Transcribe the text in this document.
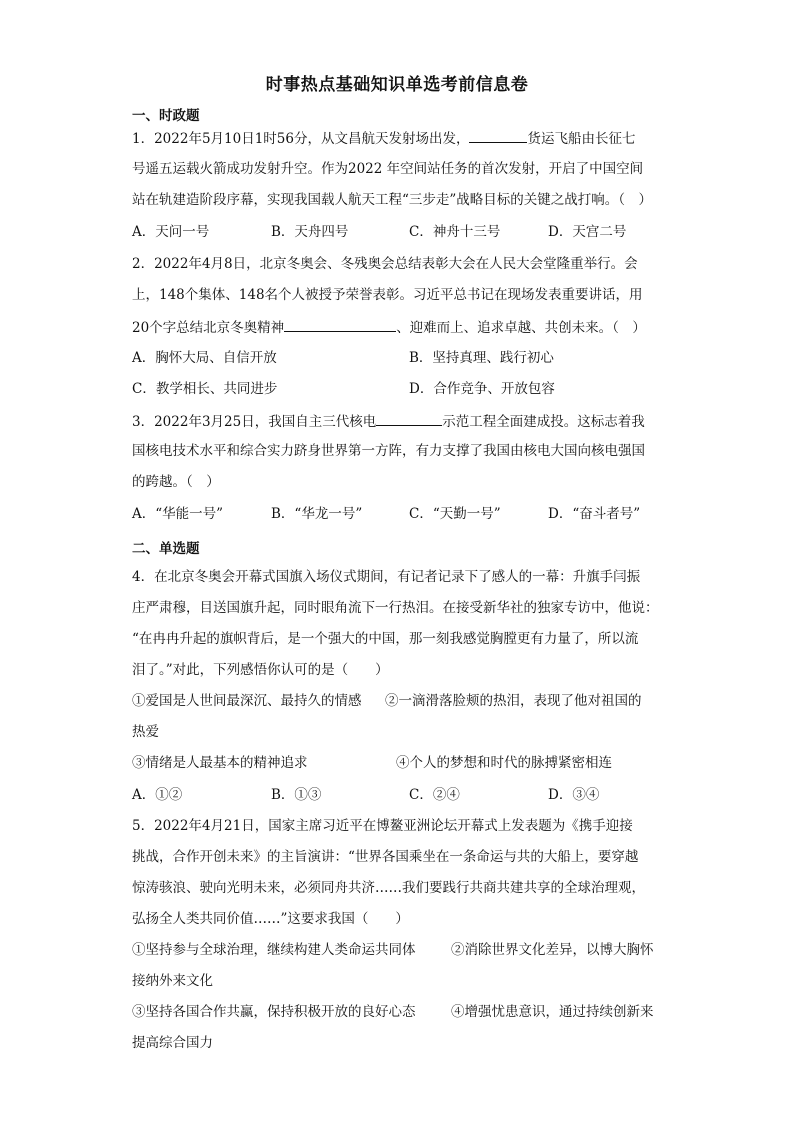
时事热点基础知识单选考前信息卷
一、时政题
1．2022年5月10日1时56分，从文昌航天发射场出发，	货运飞船由长征七
号遥五运载火箭成功发射升空。作为2022 年空间站任务的首次发射，开启了中国空间
站在轨建造阶段序幕，实现我国载人航天工程“三步走”战略目标的关键之战打响。（　）
A．天问一号	B．天舟四号	C．神舟十三号	D．天宫二号
2．2022年4月8日，北京冬奥会、冬残奥会总结表彰大会在人民大会堂隆重举行。会
上，148个集体、148名个人被授予荣誉表彰。习近平总书记在现场发表重要讲话，用
20个字总结北京冬奥精神	、迎难而上、追求卓越、共创未来。（　）
A．胸怀大局、自信开放	B．坚持真理、践行初心
C．教学相长、共同进步	D．合作竞争、开放包容
3．2022年3月25日，我国自主三代核电	示范工程全面建成投。这标志着我
国核电技术水平和综合实力跻身世界第一方阵，有力支撑了我国由核电大国向核电强国
的跨越。（　）
A．“华能一号”	B．“华龙一号”	C．“天勤一号”	D．“奋斗者号”
二、单选题
4．在北京冬奥会开幕式国旗入场仪式期间，有记者记录下了感人的一幕：升旗手闫振
庄严肃穆，目送国旗升起，同时眼角流下一行热泪。在接受新华社的独家专访中，他说：
“在冉冉升起的旗帜背后，是一个强大的中国，那一刻我感觉胸膛更有力量了，所以流
泪了。”对此，下列感悟你认可的是（　　）
①爱国是人世间最深沉、最持久的情感 ②一滴滑落脸颊的热泪，表现了他对祖国的
热爱
③情绪是人最基本的精神追求	④个人的梦想和时代的脉搏紧密相连
A．①②	B．①③	C．②④	D．③④
5．2022年4月21日，国家主席习近平在博鳌亚洲论坛开幕式上发表题为《携手迎接
挑战，合作开创未来》的主旨演讲：“世界各国乘坐在一条命运与共的大船上，要穿越
惊涛骇浪、驶向光明未来，必须同舟共济……我们要践行共商共建共享的全球治理观，
弘扬全人类共同价值……”这要求我国（　　）
①坚持参与全球治理，继续构建人类命运共同体	②消除世界文化差异，以博大胸怀
接纳外来文化
③坚持各国合作共赢，保持积极开放的良好心态	④增强忧患意识，通过持续创新来
提高综合国力
